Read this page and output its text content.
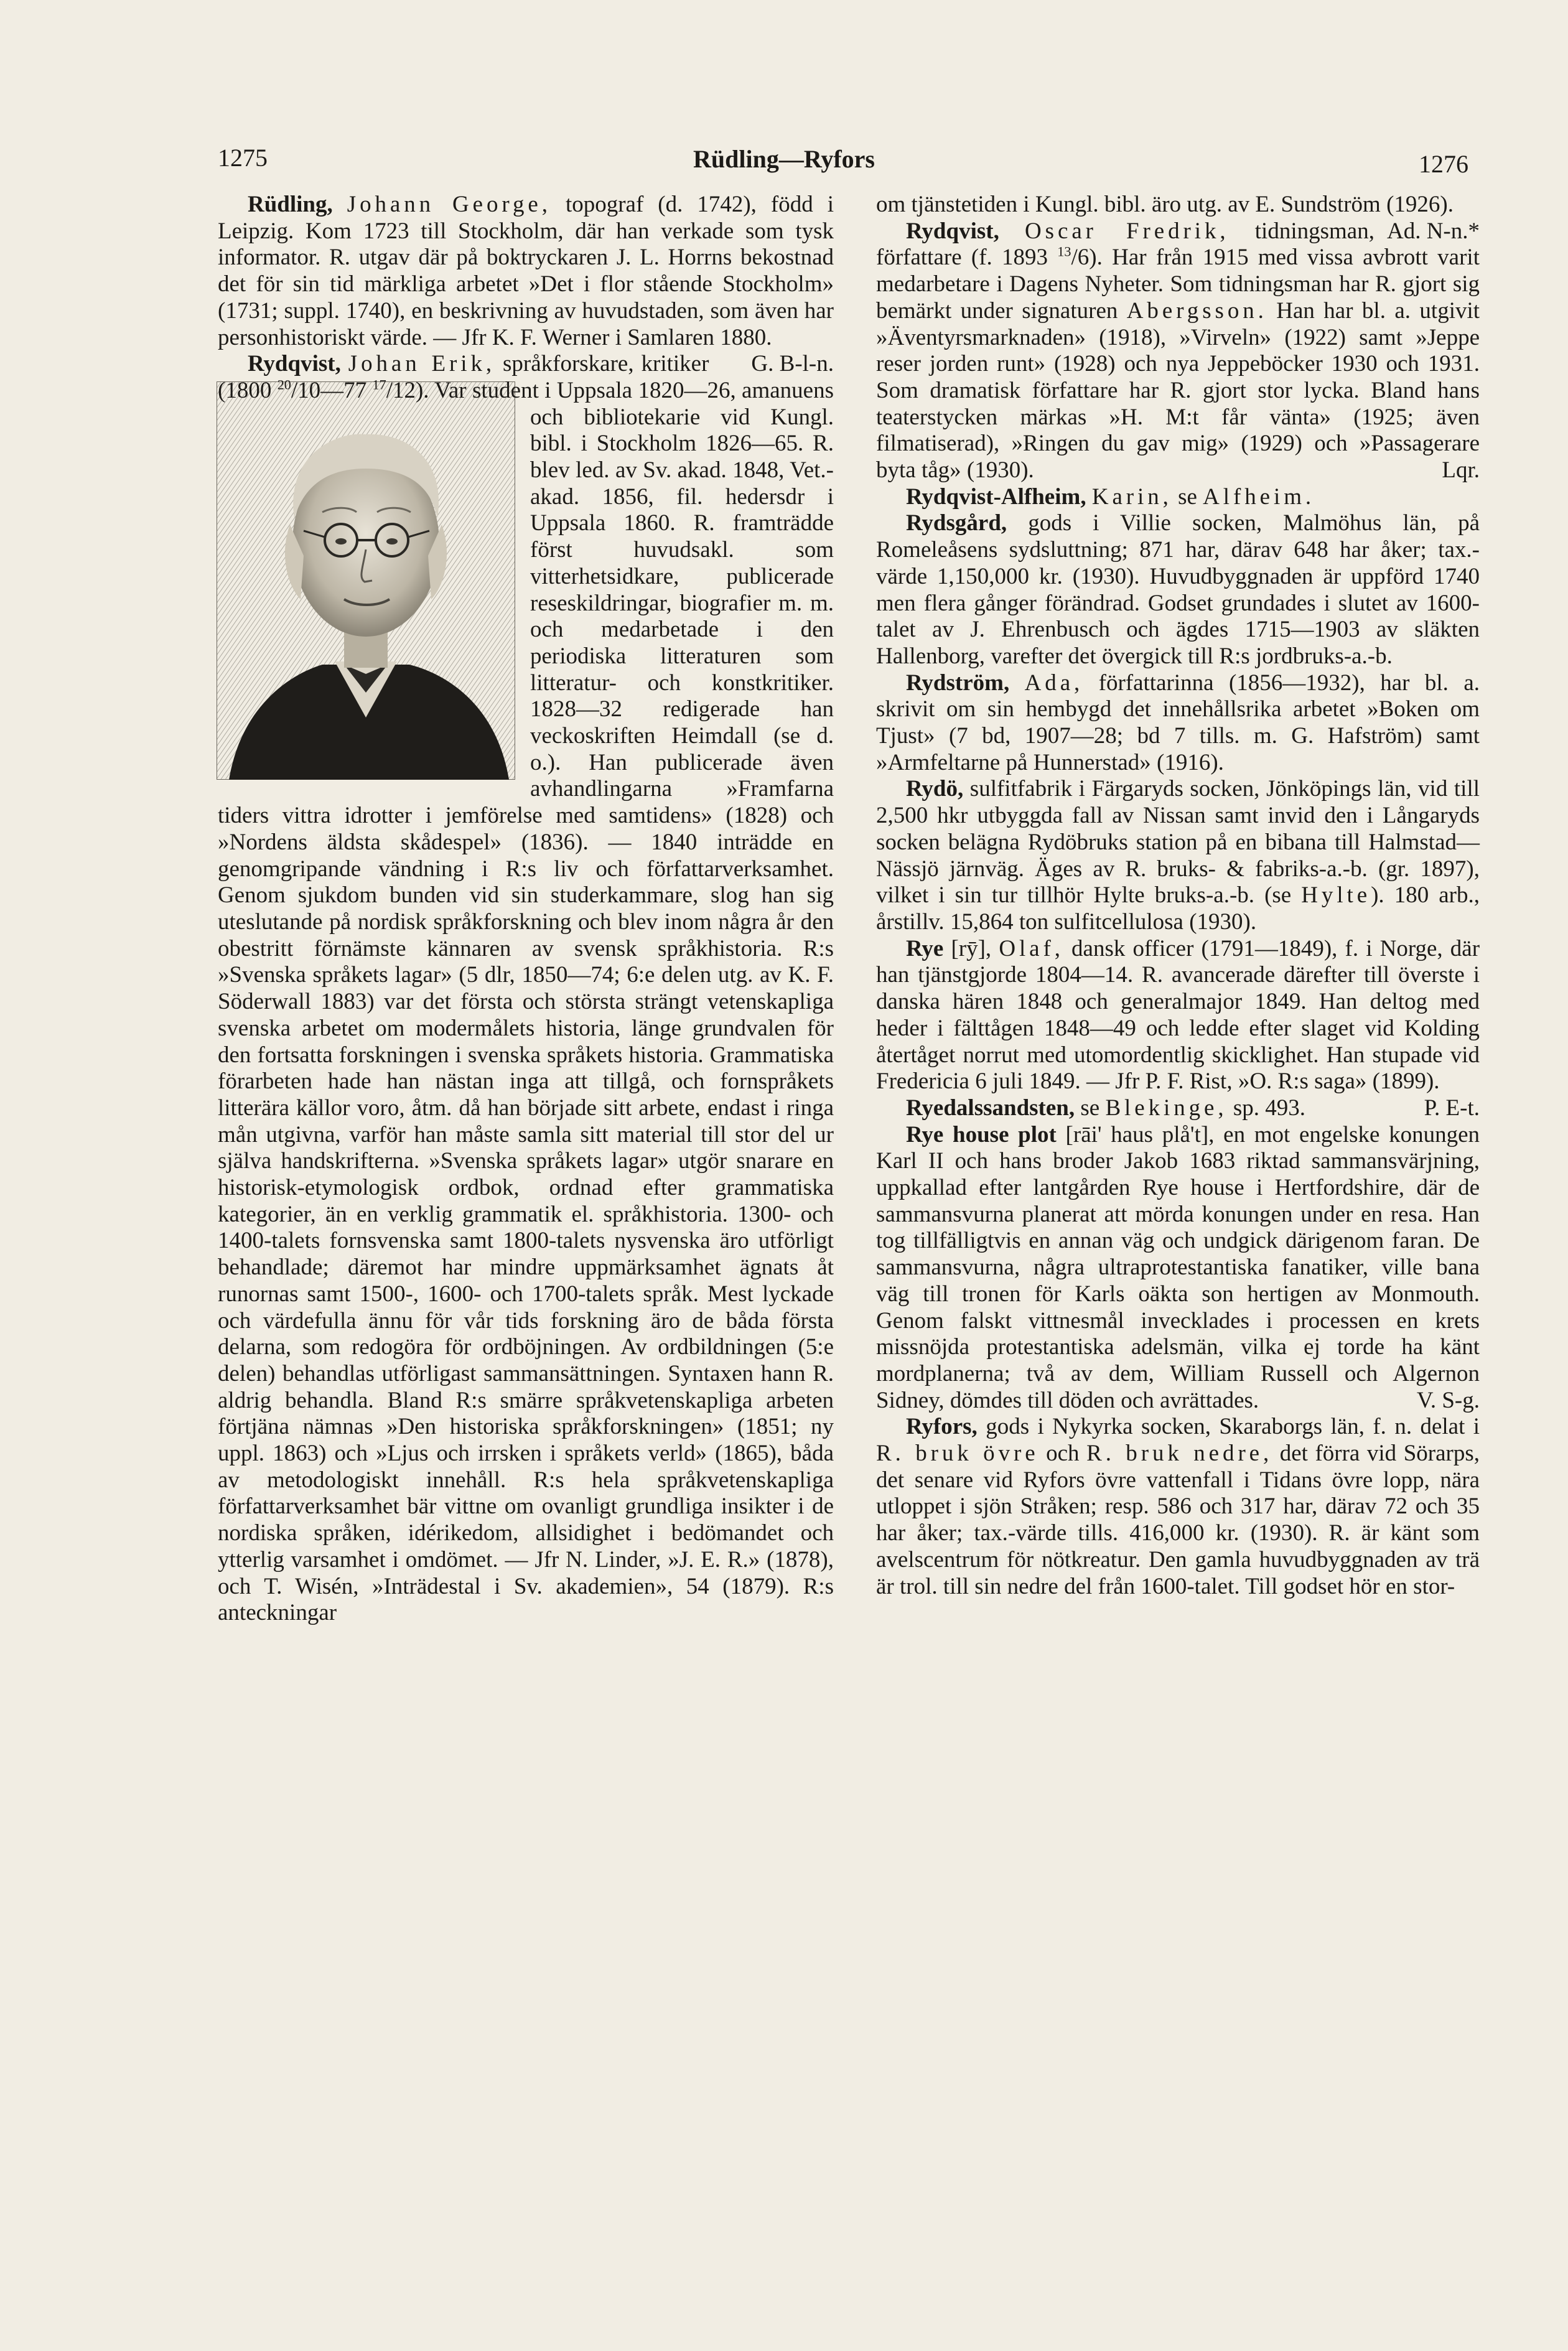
1275	Rüdling—Ryfors	1276

Rüdling, Johann George, topograf (d. 1742), född i Leipzig. Kom 1723 till Stockholm, där han verkade som tysk informator. R. utgav där på boktryckaren J. L. Horrns bekostnad det för sin tid märkliga arbetet »Det i flor stående Stockholm» (1731; suppl. 1740), en beskrivning av huvudstaden, som även har personhistoriskt värde. — Jfr K. F. Werner i Samlaren 1880.
G. B-l-n.

Rydqvist, Johan Erik, språkforskare, kritiker (1800 $^{20}$/10—77 $^{17}$/12
). Var student i Uppsala 1820—26, amanuens och bibliotekarie vid Kungl. bibl. i Stockholm 1826—65. R. blev led. av Sv. akad. 1848, Vet.-akad. 1856, fil. hedersdr i Uppsala 1860. R. framträdde först huvudsakl. som vitterhetsidkare, publicerade reseskildringar, biografier m. m. och medarbetade i den periodiska litteraturen som litteratur- och konstkritiker. 1828—32 redigerade han veckoskriften Heimdall (se d. o.). Han publicerade även avhandlingarna »Framfarna tiders vittra idrotter i jemförelse med samtidens» (1828) och »Nordens äldsta skådespel» (1836). — 1840 inträdde en genomgripande vändning i R:s liv och författarverksamhet. Genom sjukdom bunden vid sin studerkammare, slog han sig uteslutande på nordisk språkforskning och blev inom några år den obestritt förnämste kännaren av svensk språkhistoria. R:s »Svenska språkets lagar» (5 dlr, 1850—74; 6:e delen utg. av K. F. Söderwall 1883) var det första och största strängt vetenskapliga svenska arbetet om modermålets historia, länge grundvalen för den fortsatta forskningen i svenska språkets historia. Grammatiska förarbeten hade han nästan inga att tillgå, och fornspråkets litterära källor voro, åtm. då han började sitt arbete, endast i ringa mån utgivna, varför han måste samla sitt material till stor del ur själva handskrifterna. »Svenska språkets lagar» utgör snarare en historisk-etymologisk ordbok, ordnad efter grammatiska kategorier, än en verklig grammatik el. språkhistoria. 1300- och 1400-talets fornsvenska samt 1800-talets nysvenska äro utförligt behandlade; däremot har mindre uppmärksamhet ägnats åt runornas samt 1500-, 1600- och 1700-talets språk. Mest lyckade och värdefulla ännu för vår tids forskning äro de båda första delarna, som redogöra för ordböjningen. Av ordbildningen (5:e delen) behandlas utförligast sammansättningen. Syntaxen hann R. aldrig behandla. Bland R:s smärre språkvetenskapliga arbeten förtjäna nämnas »Den historiska språkforskningen» (1851; ny uppl. 1863) och »Ljus och irrsken i språkets verld» (1865), båda av metodologiskt innehåll. R:s hela språkvetenskapliga författarverksamhet bär vittne om ovanligt grundliga insikter i de nordiska språken, idérikedom, allsidighet i bedömandet och ytterlig varsamhet i omdömet. — Jfr N. Linder, »J. E. R.» (1878), och T. Wisén, »Inträdestal i Sv. akademien», 54 (1879). R:s anteckningar

om tjänstetiden i Kungl. bibl. äro utg. av E. Sundström (1926).
Ad. N-n.*

Rydqvist, Oscar Fredrik, tidningsman, författare (f. 1893 $^{13}$/6). Har från 1915 med vissa avbrott varit medarbetare i Dagens Nyheter. Som tidningsman har R. gjort sig bemärkt under signaturen Abergsson. Han har bl. a. utgivit »Äventyrsmarknaden» (1918), »Virveln» (1922) samt »Jeppe reser jorden runt» (1928) och nya Jeppeböcker 1930 och 1931. Som dramatisk författare har R. gjort stor lycka. Bland hans teaterstycken märkas »H. M:t får vänta» (1925; även filmatiserad), »Ringen du gav mig» (1929) och »Passagerare byta tåg» (1930).	Lqr.

Rydqvist-Alfheim, Karin, se Alfheim.

Rydsgård, gods i Villie socken, Malmöhus län, på Romeleåsens sydsluttning; 871 har, därav 648 har åker; tax.-värde 1,150,000 kr. (1930). Huvudbyggnaden är uppförd 1740 men flera gånger förändrad. Godset grundades i slutet av 1600-talet av J. Ehrenbusch och ägdes 1715—1903 av släkten Hallenborg, varefter det övergick till R:s jordbruks-a.-b.

Rydström, Ada, författarinna (1856—1932), har bl. a. skrivit om sin hembygd det innehållsrika arbetet »Boken om Tjust» (7 bd, 1907—28; bd 7 tills. m. G. Hafström) samt »Armfeltarne på Hunnerstad» (1916).

Rydö, sulfitfabrik i Färgaryds socken, Jönköpings län, vid till 2,500 hkr utbyggda fall av Nissan samt invid den i Långaryds socken belägna Rydöbruks station på en bibana till Halmstad—Nässjö järnväg. Äges av R. bruks- & fabriks-a.-b. (gr. 1897), vilket i sin tur tillhör Hylte bruks-a.-b. (se Hylte). 180 arb., årstillv. 15,864 ton sulfitcellulosa (1930).

Rye [rȳ], Olaf, dansk officer (1791—1849), f. i Norge, där han tjänstgjorde 1804—14. R. avancerade därefter till överste i danska hären 1848 och generalmajor 1849. Han deltog med heder i fälttågen 1848—49 och ledde efter slaget vid Kolding återtåget norrut med utomordentlig skicklighet. Han stupade vid Fredericia 6 juli 1849. — Jfr P. F. Rist, »O. R:s saga» (1899).
P. E-t.

Ryedalssandsten, se Blekinge, sp. 493.

Rye house plot [rāi' haus plå't], en mot engelske konungen Karl II och hans broder Jakob 1683 riktad sammansvärjning, uppkallad efter lantgården Rye house i Hertfordshire, där de sammansvurna planerat att mörda konungen under en resa. Han tog tillfälligtvis en annan väg och undgick därigenom faran. De sammansvurna, några ultraprotestantiska fanatiker, ville bana väg till tronen för Karls oäkta son hertigen av Monmouth. Genom falskt vittnesmål invecklades i processen en krets missnöjda protestantiska adelsmän, vilka ej torde ha känt mordplanerna; två av dem, William Russell och Algernon Sidney, dömdes till döden och avrättades.	V. S-g.

Ryfors, gods i Nykyrka socken, Skaraborgs län, f. n. delat i R. bruk övre och R. bruk nedre, det förra vid Sörarps, det senare vid Ryfors övre vattenfall i Tidans övre lopp, nära utloppet i sjön Stråken; resp. 586 och 317 har, därav 72 och 35 har åker; tax.-värde tills. 416,000 kr. (1930). R. är känt som avelscentrum för nötkreatur. Den gamla huvudbyggnaden av trä är trol. till sin nedre del från 1600-talet. Till godset hör en stor-
